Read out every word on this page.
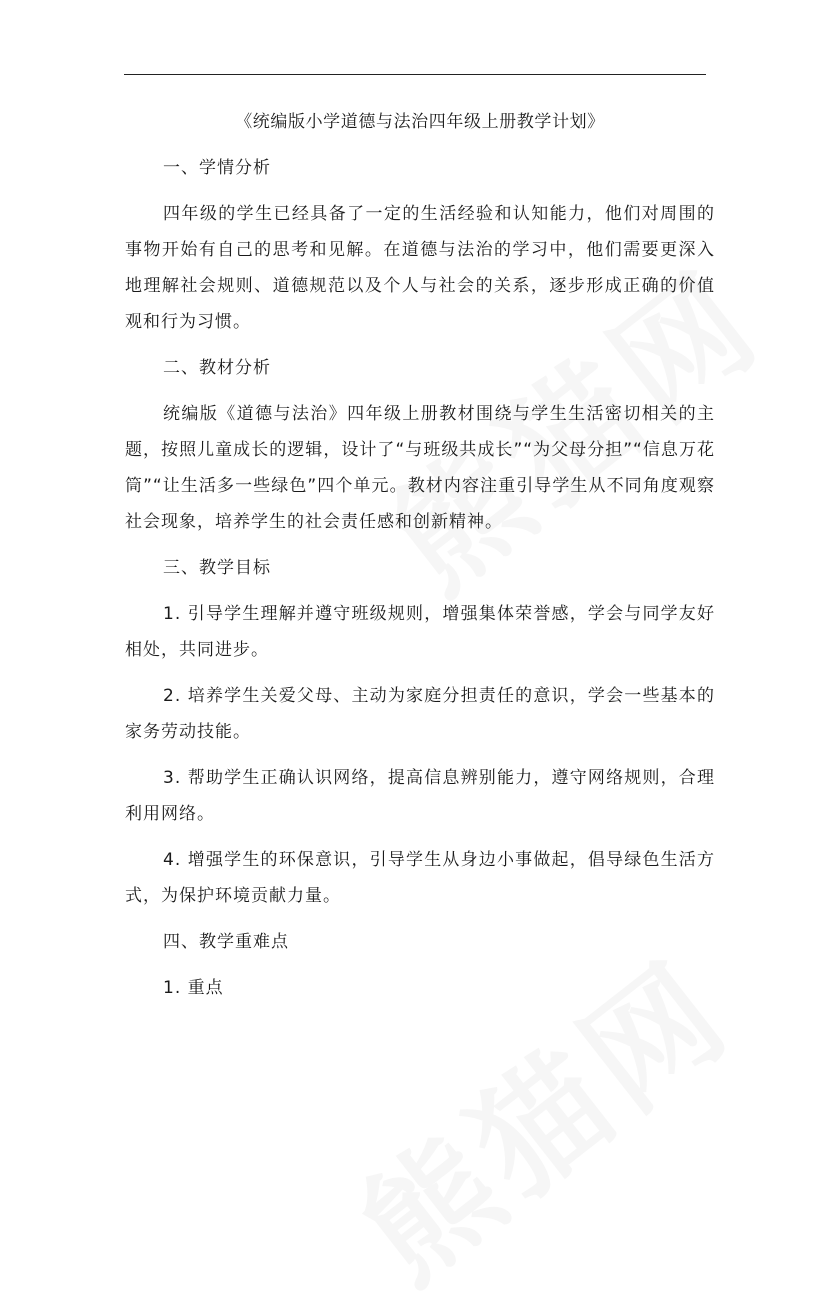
《统编版小学道德与法治四年级上册教学计划》
一、学情分析
四年级的学生已经具备了一定的生活经验和认知能力，他们对周围的事物开始有自己的思考和见解。在道德与法治的学习中，他们需要更深入地理解社会规则、道德规范以及个人与社会的关系，逐步形成正确的价值观和行为习惯。
二、教材分析
统编版《道德与法治》四年级上册教材围绕与学生生活密切相关的主题，按照儿童成长的逻辑，设计了“与班级共成长”“为父母分担”“信息万花筒”“让生活多一些绿色”四个单元。教材内容注重引导学生从不同角度观察社会现象，培养学生的社会责任感和创新精神。
三、教学目标
1. 引导学生理解并遵守班级规则，增强集体荣誉感，学会与同学友好相处，共同进步。
2. 培养学生关爱父母、主动为家庭分担责任的意识，学会一些基本的家务劳动技能。
3. 帮助学生正确认识网络，提高信息辨别能力，遵守网络规则，合理利用网络。
4. 增强学生的环保意识，引导学生从身边小事做起，倡导绿色生活方式，为保护环境贡献力量。
四、教学重难点
1. 重点
